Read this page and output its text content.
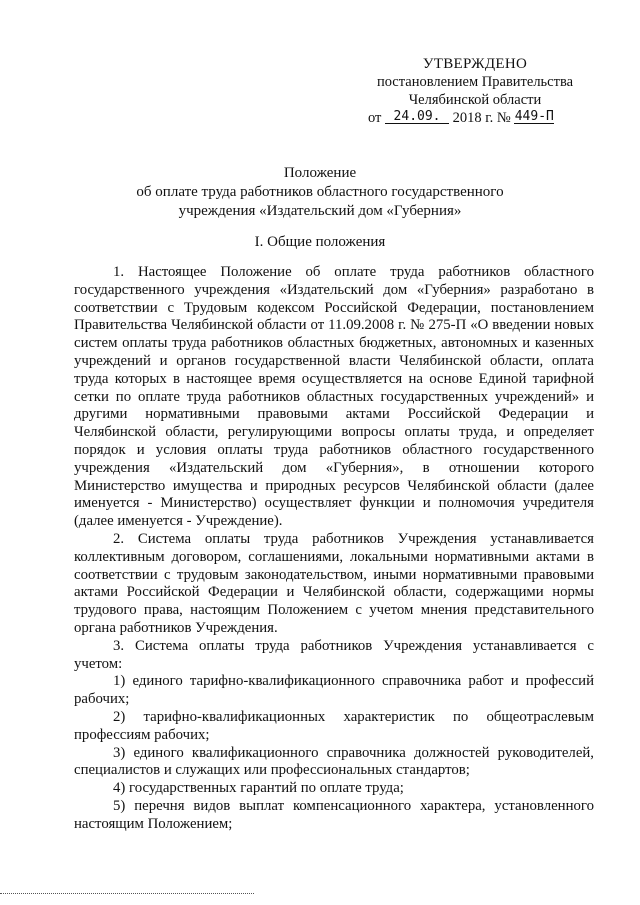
УТВЕРЖДЕНО
постановлением Правительства
Челябинской области
от 24.09. 2018 г. № 449-П
Положение
об оплате труда работников областного государственного
учреждения «Издательский дом «Губерния»
I. Общие положения

1. Настоящее Положение об оплате труда работников областного государственного учреждения «Издательский дом «Губерния» разработано в соответствии с Трудовым кодексом Российской Федерации, постановлением Правительства Челябинской области от 11.09.2008 г. № 275-П «О введении новых систем оплаты труда работников областных бюджетных, автономных и казенных учреждений и органов государственной власти Челябинской области, оплата труда которых в настоящее время осуществляется на основе Единой тарифной сетки по оплате труда работников областных государственных учреждений» и другими нормативными правовыми актами Российской Федерации и Челябинской области, регулирующими вопросы оплаты труда, и определяет порядок и условия оплаты труда работников областного государственного учреждения «Издательский дом «Губерния», в отношении которого Министерство имущества и природных ресурсов Челябинской области (далее именуется - Министерство) осуществляет функции и полномочия учредителя (далее именуется - Учреждение).

2. Система оплаты труда работников Учреждения устанавливается коллективным договором, соглашениями, локальными нормативными актами в соответствии с трудовым законодательством, иными нормативными правовыми актами Российской Федерации и Челябинской области, содержащими нормы трудового права, настоящим Положением с учетом мнения представительного органа работников Учреждения.

3. Система оплаты труда работников Учреждения устанавливается с учетом:

1) единого тарифно-квалификационного справочника работ и профессий рабочих;

2) тарифно-квалификационных характеристик по общеотраслевым профессиям рабочих;

3) единого квалификационного справочника должностей руководителей, специалистов и служащих или профессиональных стандартов;

4) государственных гарантий по оплате труда;

5) перечня видов выплат компенсационного характера, установленного настоящим Положением;
